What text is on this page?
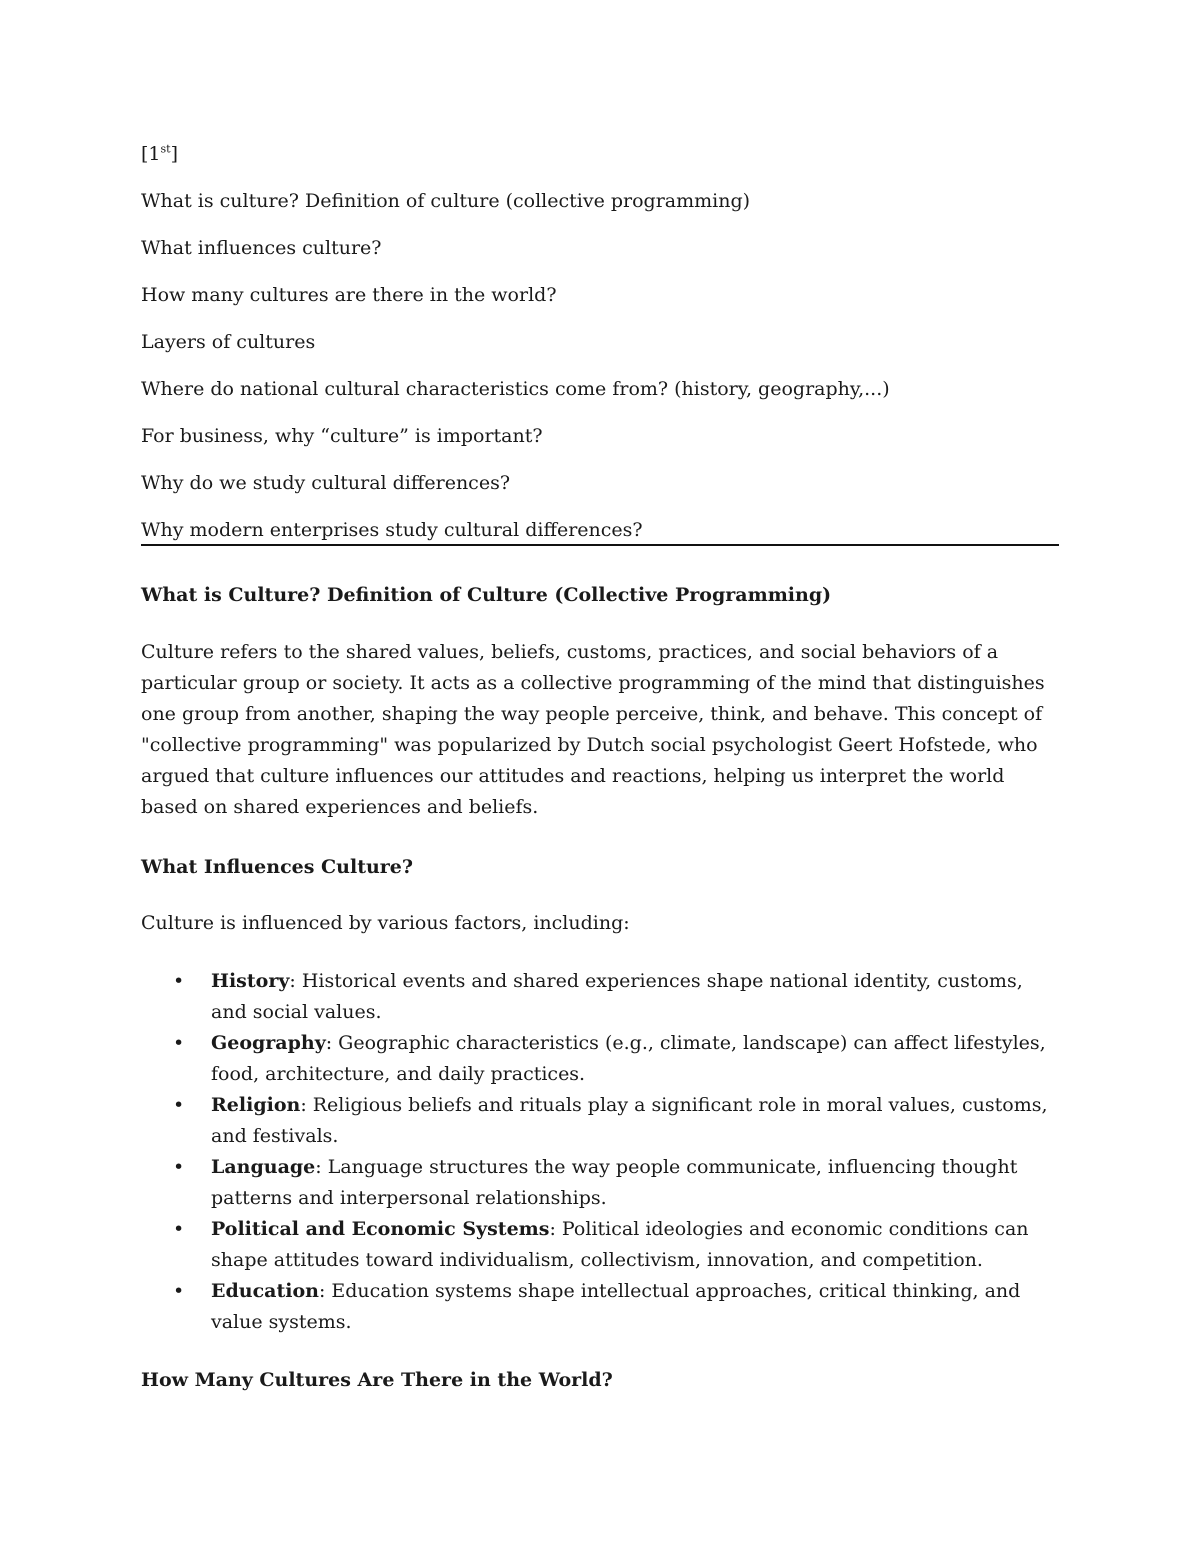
[1st]
What is culture? Definition of culture (collective programming)
What influences culture?
How many cultures are there in the world?
Layers of cultures
Where do national cultural characteristics come from? (history, geography,...)
For business, why “culture” is important?
Why do we study cultural differences?
Why modern enterprises study cultural differences?
What is Culture? Definition of Culture (Collective Programming)

Culture refers to the shared values, beliefs, customs, practices, and social behaviors of a particular group or society. It acts as a collective programming of the mind that distinguishes one group from another, shaping the way people perceive, think, and behave. This concept of "collective programming" was popularized by Dutch social psychologist Geert Hofstede, who argued that culture influences our attitudes and reactions, helping us interpret the world based on shared experiences and beliefs.

What Influences Culture?

Culture is influenced by various factors, including:

• History: Historical events and shared experiences shape national identity, customs, and social values.
• Geography: Geographic characteristics (e.g., climate, landscape) can affect lifestyles, food, architecture, and daily practices.
• Religion: Religious beliefs and rituals play a significant role in moral values, customs, and festivals.
• Language: Language structures the way people communicate, influencing thought patterns and interpersonal relationships.
• Political and Economic Systems: Political ideologies and economic conditions can shape attitudes toward individualism, collectivism, innovation, and competition.
• Education: Education systems shape intellectual approaches, critical thinking, and value systems.
How Many Cultures Are There in the World?
